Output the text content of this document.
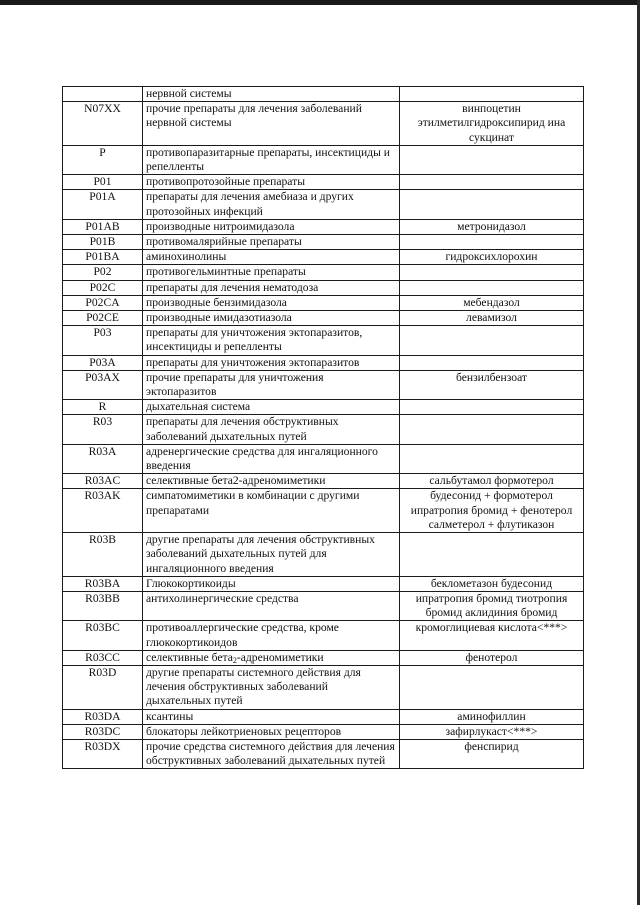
	нервной системы	
N07XX	прочие препараты для лечения заболеваний нервной системы	винпоцетин этилметилгидроксипирид ина сукцинат
P	противопаразитарные препараты, инсектициды и репелленты	
P01	противопротозойные препараты	
P01A	препараты для лечения амебиаза и других протозойных инфекций	
P01AB	производные нитроимидазола	метронидазол
P01B	противомалярийные препараты	
P01BA	аминохинолины	гидроксихлорохин
P02	противогельминтные препараты	
P02C	препараты для лечения нематодоза	
P02CA	производные бензимидазола	мебендазол
P02CE	производные имидазотиазола	левамизол
P03	препараты для уничтожения эктопаразитов, инсектициды и репелленты	
P03A	препараты для уничтожения эктопаразитов	
P03AX	прочие препараты для уничтожения эктопаразитов	бензилбензоат
R	дыхательная система	
R03	препараты для лечения обструктивных заболеваний дыхательных путей	
R03A	адренергические средства для ингаляционного введения	
R03AC	селективные бета2-адреномиметики	сальбутамол формотерол
R03AK	симпатомиметики в комбинации с другими препаратами	будесонид + формотерол ипратропия бромид + фенотерол салметерол + флутиказон
R03B	другие препараты для лечения обструктивных заболеваний дыхательных путей для ингаляционного введения	
R03BA	Глюкокортикоиды	беклометазон будесонид
R03BB	антихолинергические средства	ипратропия бромид тиотропия бромид аклидиния бромид
R03BC	противоаллергические средства, кроме глюкокортикоидов	кромоглициевая кислота<***>
R03CC	селективные бета$_2$-адреномиметики	фенотерол
R03D	другие препараты системного действия для лечения обструктивных заболеваний дыхательных путей	
R03DA	ксантины	аминофиллин
R03DC	блокаторы лейкотриеновых рецепторов	зафирлукаст<***>
R03DX	прочие средства системного действия для лечения обструктивных заболеваний дыхательных путей	фенспирид
